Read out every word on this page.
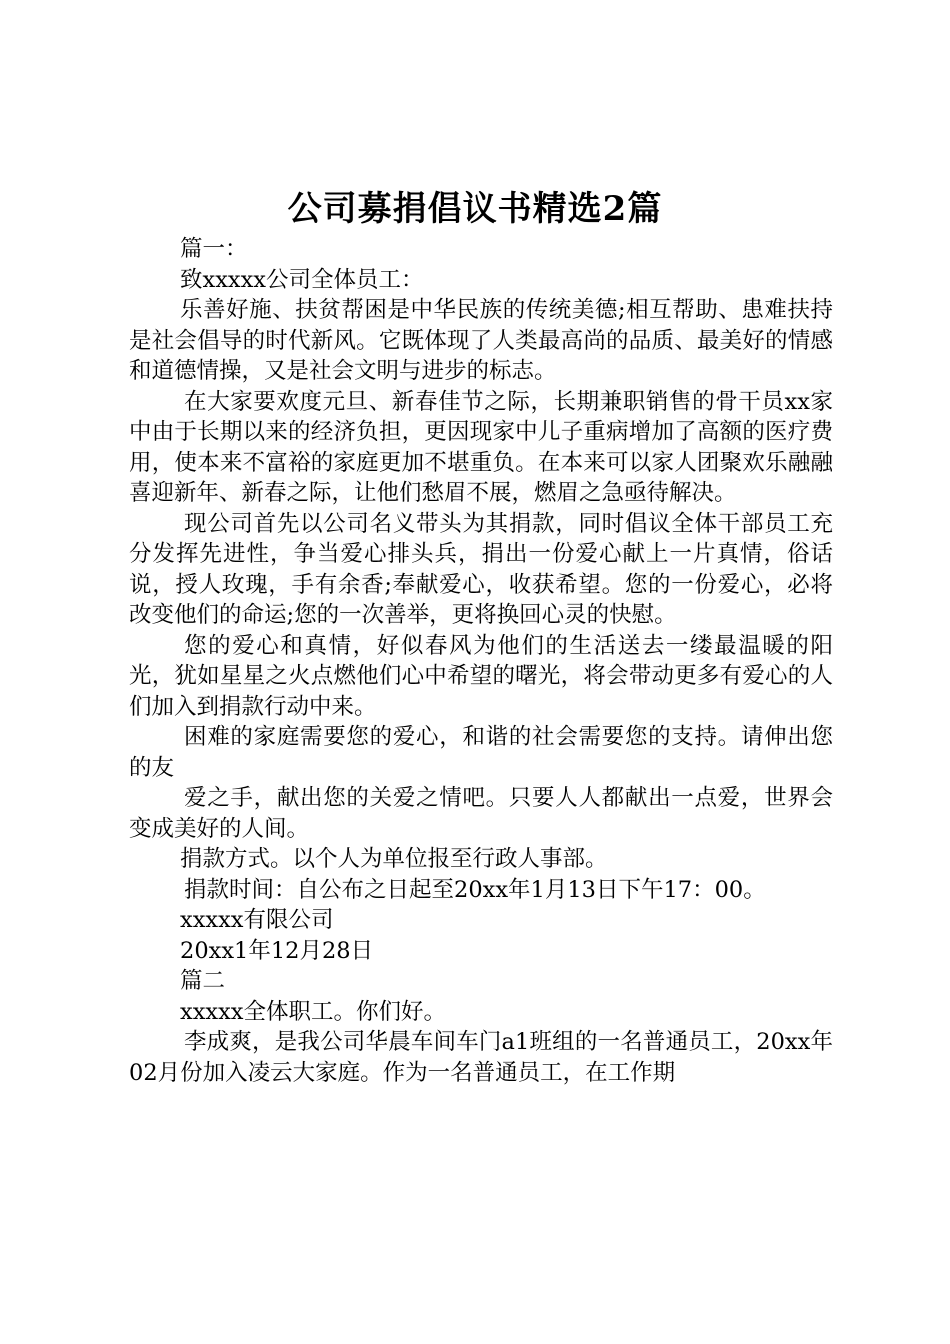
公司募捐倡议书精选2篇

篇一：

致xxxxx公司全体员工：

乐善好施、扶贫帮困是中华民族的传统美德;相互帮助、患难扶持是社会倡导的时代新风。它既体现了人类最高尚的品质、最美好的情感和道德情操，又是社会文明与进步的标志。

在大家要欢度元旦、新春佳节之际，长期兼职销售的骨干员xx家中由于长期以来的经济负担，更因现家中儿子重病增加了高额的医疗费用，使本来不富裕的家庭更加不堪重负。在本来可以家人团聚欢乐融融喜迎新年、新春之际，让他们愁眉不展，燃眉之急亟待解决。

现公司首先以公司名义带头为其捐款，同时倡议全体干部员工充分发挥先进性，争当爱心排头兵，捐出一份爱心献上一片真情，俗话说，授人玫瑰，手有余香;奉献爱心，收获希望。您的一份爱心，必将改变他们的命运;您的一次善举，更将换回心灵的快慰。

您的爱心和真情，好似春风为他们的生活送去一缕最温暖的阳光，犹如星星之火点燃他们心中希望的曙光，将会带动更多有爱心的人们加入到捐款行动中来。

困难的家庭需要您的爱心，和谐的社会需要您的支持。请伸出您的友

爱之手，献出您的关爱之情吧。只要人人都献出一点爱，世界会变成美好的人间。

捐款方式。以个人为单位报至行政人事部。

捐款时间：自公布之日起至20xx年1月13日下午17：00。

xxxxx有限公司

20xx1年12月28日

篇二

xxxxx全体职工。你们好。

李成爽，是我公司华晨车间车门a1班组的一名普通员工，20xx年02月份加入凌云大家庭。作为一名普通员工，在工作期
